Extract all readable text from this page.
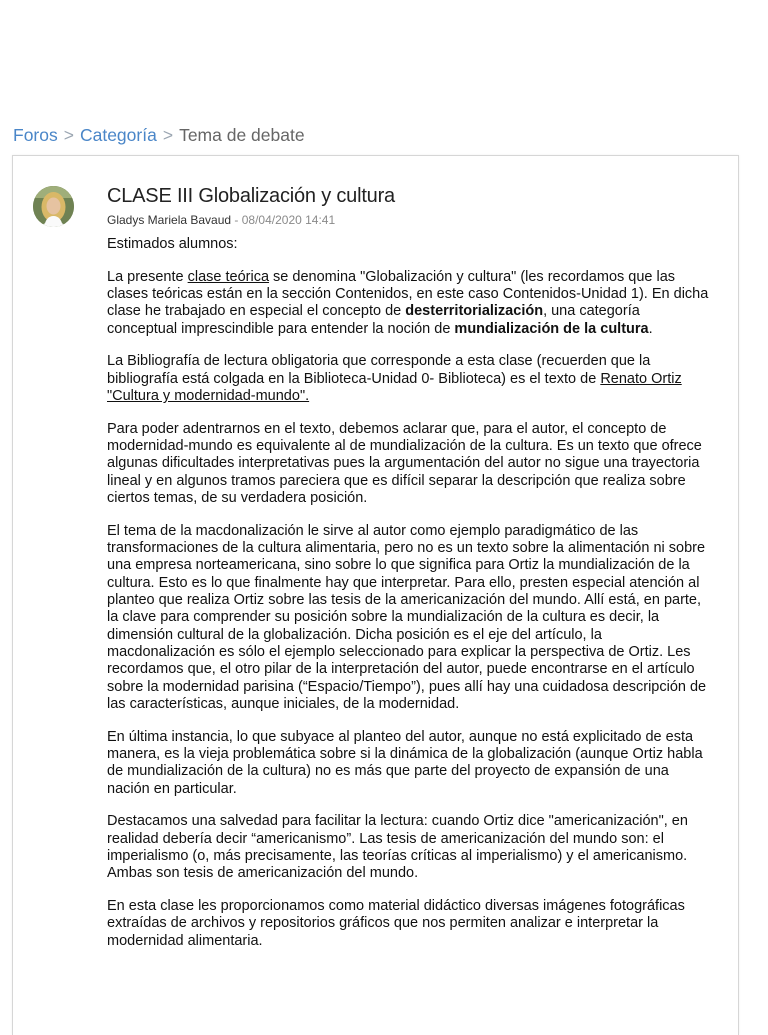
Foros > Categoría > Tema de debate
CLASE III Globalización y cultura
Gladys Mariela Bavaud - 08/04/2020 14:41

Estimados alumnos:

La presente clase teórica se denomina "Globalización y cultura" (les recordamos que las clases teóricas están en la sección Contenidos, en este caso Contenidos-Unidad 1). En dicha clase he trabajado en especial el concepto de desterritorialización, una categoría conceptual imprescindible para entender la noción de mundialización de la cultura.

La Bibliografía de lectura obligatoria que corresponde a esta clase (recuerden que la bibliografía está colgada en la Biblioteca-Unidad 0- Biblioteca) es el texto de Renato Ortiz "Cultura y modernidad-mundo".

Para poder adentrarnos en el texto, debemos aclarar que, para el autor, el concepto de modernidad-mundo es equivalente al de mundialización de la cultura. Es un texto que ofrece algunas dificultades interpretativas pues la argumentación del autor no sigue una trayectoria lineal y en algunos tramos pareciera que es difícil separar la descripción que realiza sobre ciertos temas, de su verdadera posición.

El tema de la macdonalización le sirve al autor como ejemplo paradigmático de las transformaciones de la cultura alimentaria, pero no es un texto sobre la alimentación ni sobre una empresa norteamericana, sino sobre lo que significa para Ortiz la mundialización de la cultura. Esto es lo que finalmente hay que interpretar. Para ello, presten especial atención al planteo que realiza Ortiz sobre las tesis de la americanización del mundo. Allí está, en parte, la clave para comprender su posición sobre la mundialización de la cultura es decir, la dimensión cultural de la globalización. Dicha posición es el eje del artículo, la macdonalización es sólo el ejemplo seleccionado para explicar la perspectiva de Ortiz. Les recordamos que, el otro pilar de la interpretación del autor, puede encontrarse en el artículo sobre la modernidad parisina (“Espacio/Tiempo”), pues allí hay una cuidadosa descripción de las características, aunque iniciales, de la modernidad.

En última instancia, lo que subyace al planteo del autor, aunque no está explicitado de esta manera, es la vieja problemática sobre si la dinámica de la globalización (aunque Ortiz habla de mundialización de la cultura) no es más que parte del proyecto de expansión de una nación en particular.

Destacamos una salvedad para facilitar la lectura: cuando Ortiz dice "americanización", en realidad debería decir “americanismo”. Las tesis de americanización del mundo son: el imperialismo (o, más precisamente, las teorías críticas al imperialismo) y el americanismo. Ambas son tesis de americanización del mundo.

En esta clase les proporcionamos como material didáctico diversas imágenes fotográficas extraídas de archivos y repositorios gráficos que nos permiten analizar e interpretar la modernidad alimentaria.
